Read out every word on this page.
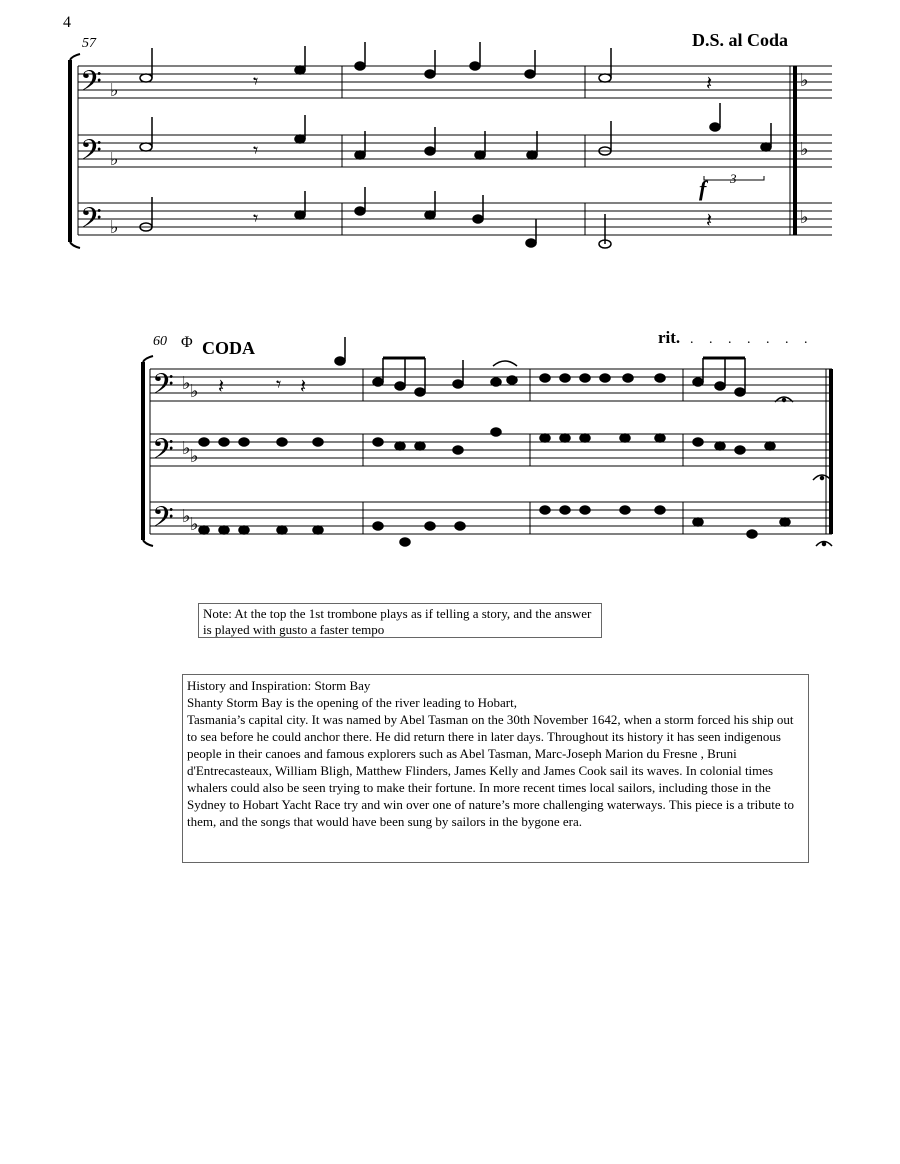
4
D.S. al Coda
57
60 Φ CODA
rit. . . . . . . .
f
𝄢
𝄢
𝄢
♭
♭
♭
♭
♭
♭
𝄾
𝄾
𝄾
𝄽
𝄽
3
𝄢
𝄢
𝄢
♭ ♭
♭ ♭
♭ ♭
𝄽	𝄾 𝄽
Note: At the top the 1st trombone plays as if telling a story, and the answer is played with gusto a faster tempo

History and Inspiration: Storm Bay

Shanty Storm Bay is the opening of the river leading to Hobart,

Tasmania’s capital city. It was named by Abel Tasman on the 30th November 1642, when a storm forced his ship out to sea before he could anchor there. He did return there in later days. Throughout its history it has seen indigenous people in their canoes and famous explorers such as Abel Tasman, Marc-Joseph Marion du Fresne , Bruni d'Entrecasteaux, William Bligh, Matthew Flinders, James Kelly and James Cook sail its waves. In colonial times whalers could also be seen trying to make their fortune. In more recent times local sailors, including those in the Sydney to Hobart Yacht Race try and win over one of nature’s more challenging waterways. This piece is a tribute to them, and the songs that would have been sung by sailors in the bygone era.
